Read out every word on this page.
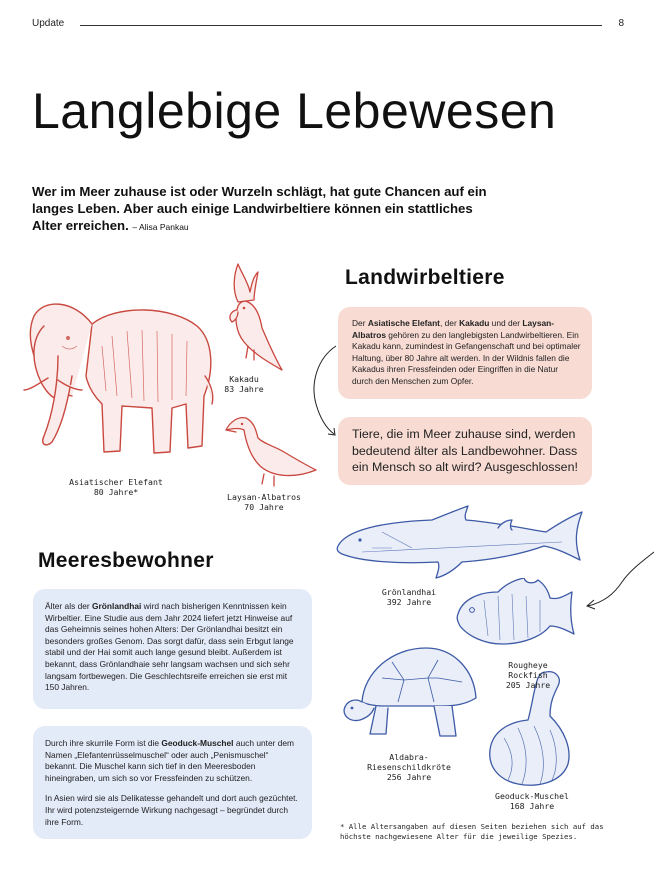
Update	8
Langlebige Lebewesen
Wer im Meer zuhause ist oder Wurzeln schlägt, hat gute Chancen auf ein langes Leben. Aber auch einige Landwirbeltiere können ein stattliches Alter erreichen. – Alisa Pankau
Landwirbeltiere

Der Asiatische Elefant, der Kakadu und der Laysan-Albatros gehören zu den langlebigsten Landwirbeltieren. Ein Kakadu kann, zumindest in Gefangenschaft und bei optimaler Haltung, über 80 Jahre alt werden. In der Wildnis fallen die Kakadus ihren Fressfeinden oder Eingriffen in die Natur durch den Menschen zum Opfer.

Tiere, die im Meer zuhause sind, werden bedeutend älter als Landbewohner. Dass ein Mensch so alt wird? Ausgeschlossen!

Meeresbewohner

Älter als der Grönlandhai wird nach bisherigen Kenntnissen kein Wirbeltier. Eine Studie aus dem Jahr 2024 liefert jetzt Hinweise auf das Geheimnis seines hohen Alters: Der Grönlandhai besitzt ein besonders großes Genom. Das sorgt dafür, dass sein Erbgut lange stabil und der Hai somit auch lange gesund bleibt. Außerdem ist bekannt, dass Grönlandhaie sehr langsam wachsen und sich sehr langsam fortbewegen. Die Geschlechtsreife erreichen sie erst mit 150 Jahren.

Durch ihre skurrile Form ist die Geoduck-Muschel auch unter dem Namen „Elefantenrüsselmuschel“ oder auch „Penismuschel“ bekannt. Die Muschel kann sich tief in den Meeresboden hineingraben, um sich so vor Fressfeinden zu schützen.

In Asien wird sie als Delikatesse gehandelt und dort auch gezüchtet. Ihr wird potenzsteigernde Wirkung nachgesagt – begründet durch ihre Form.

Asiatischer Elefant
80 Jahre*
Kakadu
83 Jahre
Laysan-Albatros
70 Jahre
Grönlandhai
392 Jahre
Rougheye
Rockfish
205 Jahre
Aldabra-
Riesenschildkröte
256 Jahre
Geoduck-Muschel
168 Jahre
* Alle Altersangaben auf diesen Seiten beziehen sich auf das höchste nachgewiesene Alter für die jeweilige Spezies.
